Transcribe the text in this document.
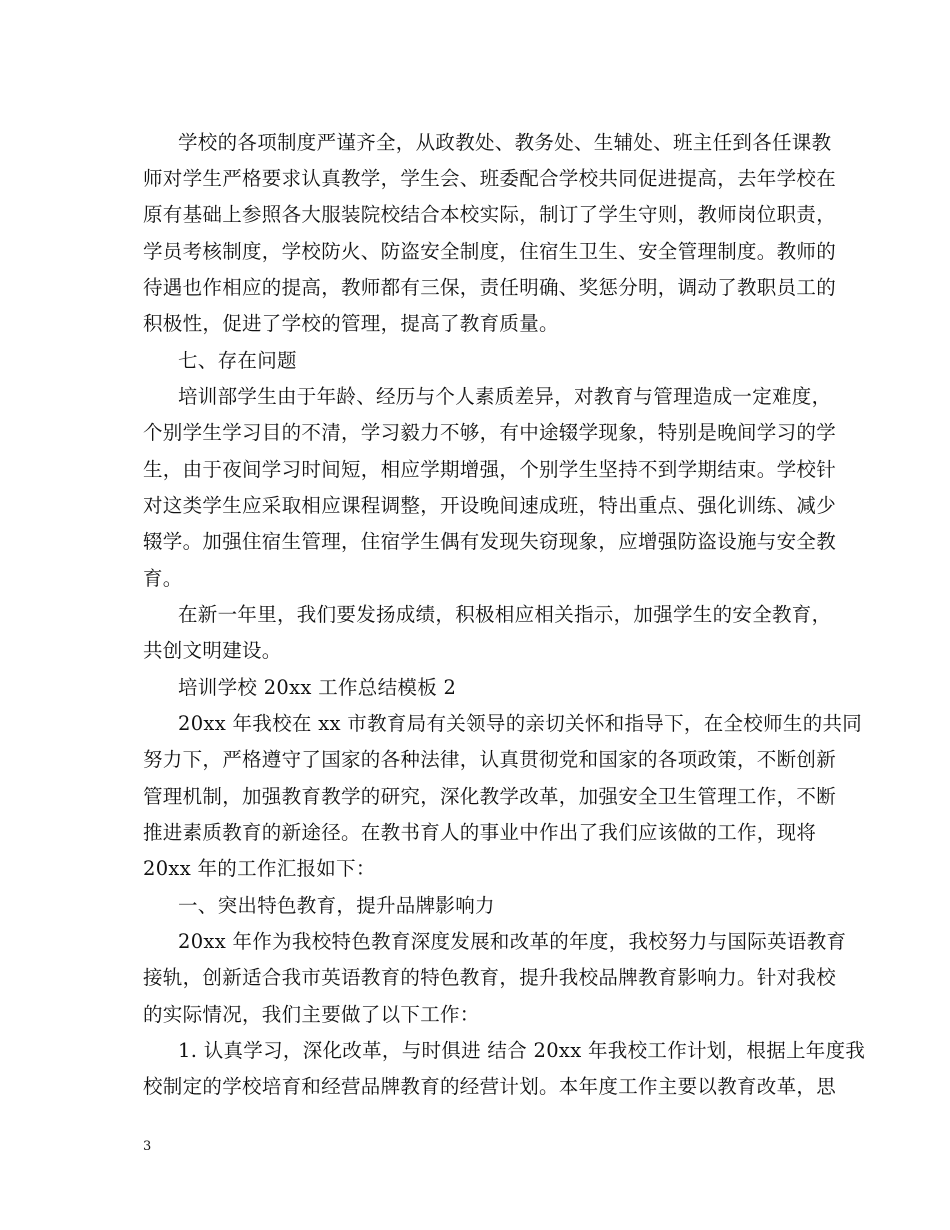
学校的各项制度严谨齐全，从政教处、教务处、生辅处、班主任到各任课教
师对学生严格要求认真教学，学生会、班委配合学校共同促进提高，去年学校在
原有基础上参照各大服装院校结合本校实际，制订了学生守则，教师岗位职责，
学员考核制度，学校防火、防盗安全制度，住宿生卫生、安全管理制度。教师的
待遇也作相应的提高，教师都有三保，责任明确、奖惩分明，调动了教职员工的
积极性，促进了学校的管理，提高了教育质量。
七、存在问题
培训部学生由于年龄、经历与个人素质差异，对教育与管理造成一定难度，
个别学生学习目的不清，学习毅力不够，有中途辍学现象，特别是晚间学习的学
生，由于夜间学习时间短，相应学期增强，个别学生坚持不到学期结束。学校针
对这类学生应采取相应课程调整，开设晚间速成班，特出重点、强化训练、减少
辍学。加强住宿生管理，住宿学生偶有发现失窃现象，应增强防盗设施与安全教
育。
在新一年里，我们要发扬成绩，积极相应相关指示，加强学生的安全教育，
共创文明建设。
培训学校 20xx 工作总结模板 2
20xx 年我校在 xx 市教育局有关领导的亲切关怀和指导下，在全校师生的共同
努力下，严格遵守了国家的各种法律，认真贯彻党和国家的各项政策，不断创新
管理机制，加强教育教学的研究，深化教学改革，加强安全卫生管理工作，不断
推进素质教育的新途径。在教书育人的事业中作出了我们应该做的工作，现将
20xx 年的工作汇报如下：
一、突出特色教育，提升品牌影响力
20xx 年作为我校特色教育深度发展和改革的年度，我校努力与国际英语教育
接轨，创新适合我市英语教育的特色教育，提升我校品牌教育影响力。针对我校
的实际情况，我们主要做了以下工作：
1. 认真学习，深化改革，与时俱进 结合 20xx 年我校工作计划，根据上年度我
校制定的学校培育和经营品牌教育的经营计划。本年度工作主要以教育改革，思
3
